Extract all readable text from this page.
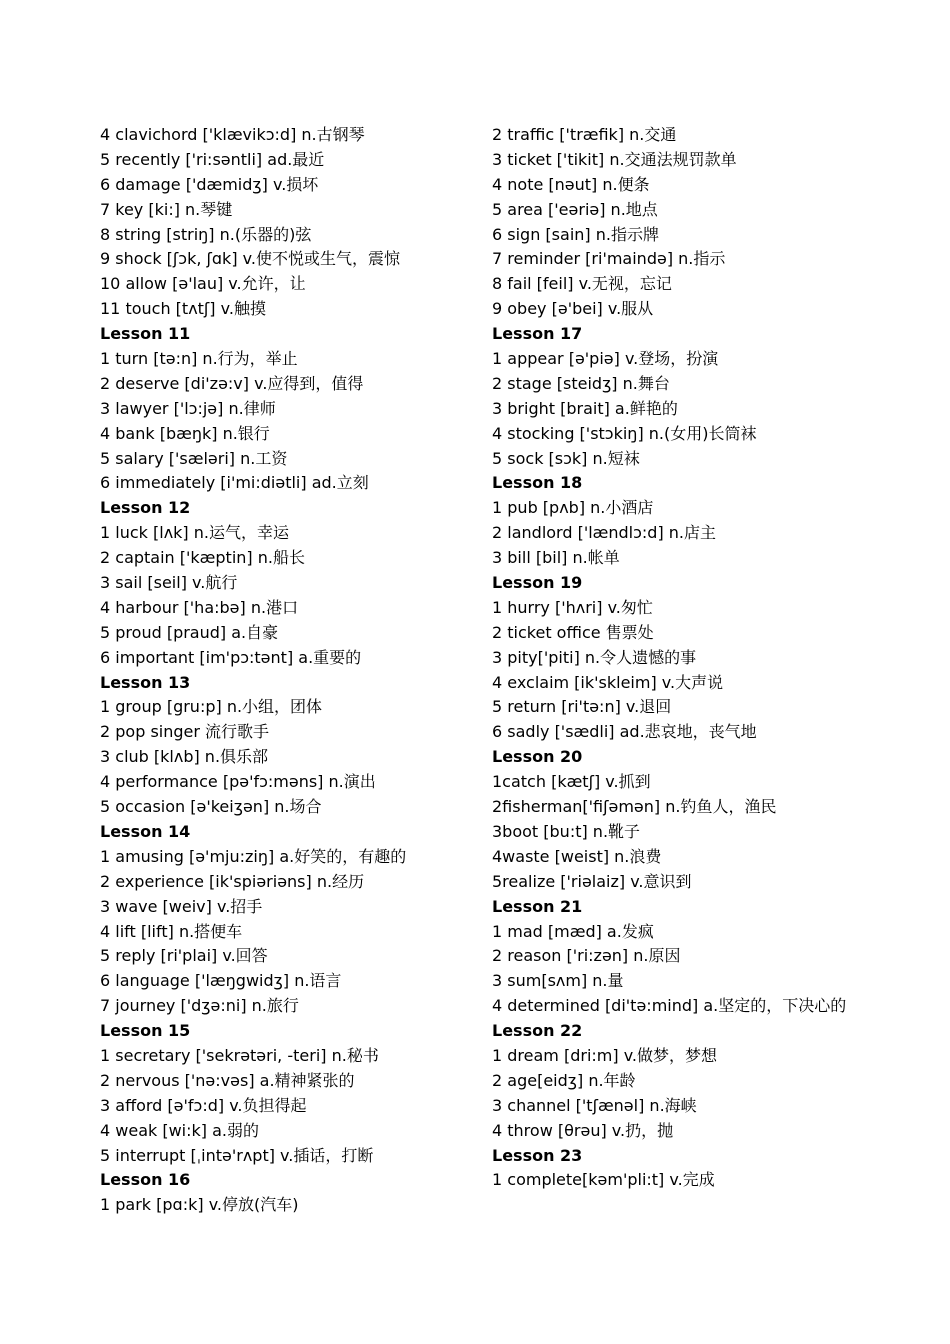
4 clavichord ['klævikɔ:d] n.古钢琴
5 recently ['ri:səntli] ad.最近
6 damage ['dæmidʒ] v.损坏
7 key [ki:] n.琴键
8 string [striŋ] n.(乐器的)弦
9 shock [ʃɔk, ʃɑk] v.使不悦或生气，震惊
10 allow [ə'lau] v.允许，让
11 touch [tʌtʃ] v.触摸
Lesson 11
1 turn [tə:n] n.行为，举止
2 deserve [di'zə:v] v.应得到，值得
3 lawyer ['lɔ:jə] n.律师
4 bank [bæŋk] n.银行
5 salary ['sæləri] n.工资
6 immediately [i'mi:diətli] ad.立刻
Lesson 12
1 luck [lʌk] n.运气，幸运
2 captain ['kæptin] n.船长
3 sail [seil] v.航行
4 harbour ['ha:bə] n.港口
5 proud [praud] a.自豪
6 important [im'pɔ:tənt] a.重要的
Lesson 13
1 group [gru:p] n.小组，团体
2 pop singer 流行歌手
3 club [klʌb] n.俱乐部
4 performance [pə'fɔ:məns] n.演出
5 occasion [ə'keiʒən] n.场合
Lesson 14
1 amusing [ə'mju:ziŋ] a.好笑的，有趣的
2 experience [ik'spiəriəns] n.经历
3 wave [weiv] v.招手
4 lift [lift] n.搭便车
5 reply [ri'plai] v.回答
6 language ['læŋgwidʒ] n.语言
7 journey ['dʒə:ni] n.旅行
Lesson 15
1 secretary ['sekrətəri, -teri] n.秘书
2 nervous ['nə:vəs] a.精神紧张的
3 afford [ə'fɔ:d] v.负担得起
4 weak [wi:k] a.弱的
5 interrupt [ˌintə'rʌpt] v.插话，打断
Lesson 16
1 park [pɑ:k] v.停放(汽车)
2 traffic ['træfik] n.交通
3 ticket ['tikit] n.交通法规罚款单
4 note [nəut] n.便条
5 area ['eəriə] n.地点
6 sign [sain] n.指示牌
7 reminder [ri'maində] n.指示
8 fail [feil] v.无视，忘记
9 obey [ə'bei] v.服从
Lesson 17
1 appear [ə'piə] v.登场，扮演
2 stage [steidʒ] n.舞台
3 bright [brait] a.鲜艳的
4 stocking ['stɔkiŋ] n.(女用)长筒袜
5 sock [sɔk] n.短袜
Lesson 18
1 pub [pʌb] n.小酒店
2 landlord ['lændlɔ:d] n.店主
3 bill [bil] n.帐单
Lesson 19
1 hurry ['hʌri] v.匆忙
2 ticket office 售票处
3 pity['piti] n.令人遗憾的事
4 exclaim [ik'skleim] v.大声说
5 return [ri'tə:n] v.退回
6 sadly ['sædli] ad.悲哀地，丧气地
Lesson 20
1catch [kætʃ] v.抓到
2fisherman['fiʃəmən] n.钓鱼人，渔民
3boot [bu:t] n.靴子
4waste [weist] n.浪费
5realize ['riəlaiz] v.意识到
Lesson 21
1 mad [mæd] a.发疯
2 reason ['ri:zən] n.原因
3 sum[sʌm] n.量
4 determined [di'tə:mind] a.坚定的，下决心的
Lesson 22
1 dream [dri:m] v.做梦，梦想
2 age[eidʒ] n.年龄
3 channel ['tʃænəl] n.海峡
4 throw [θrəu] v.扔，抛
Lesson 23
1 complete[kəm'pli:t] v.完成
